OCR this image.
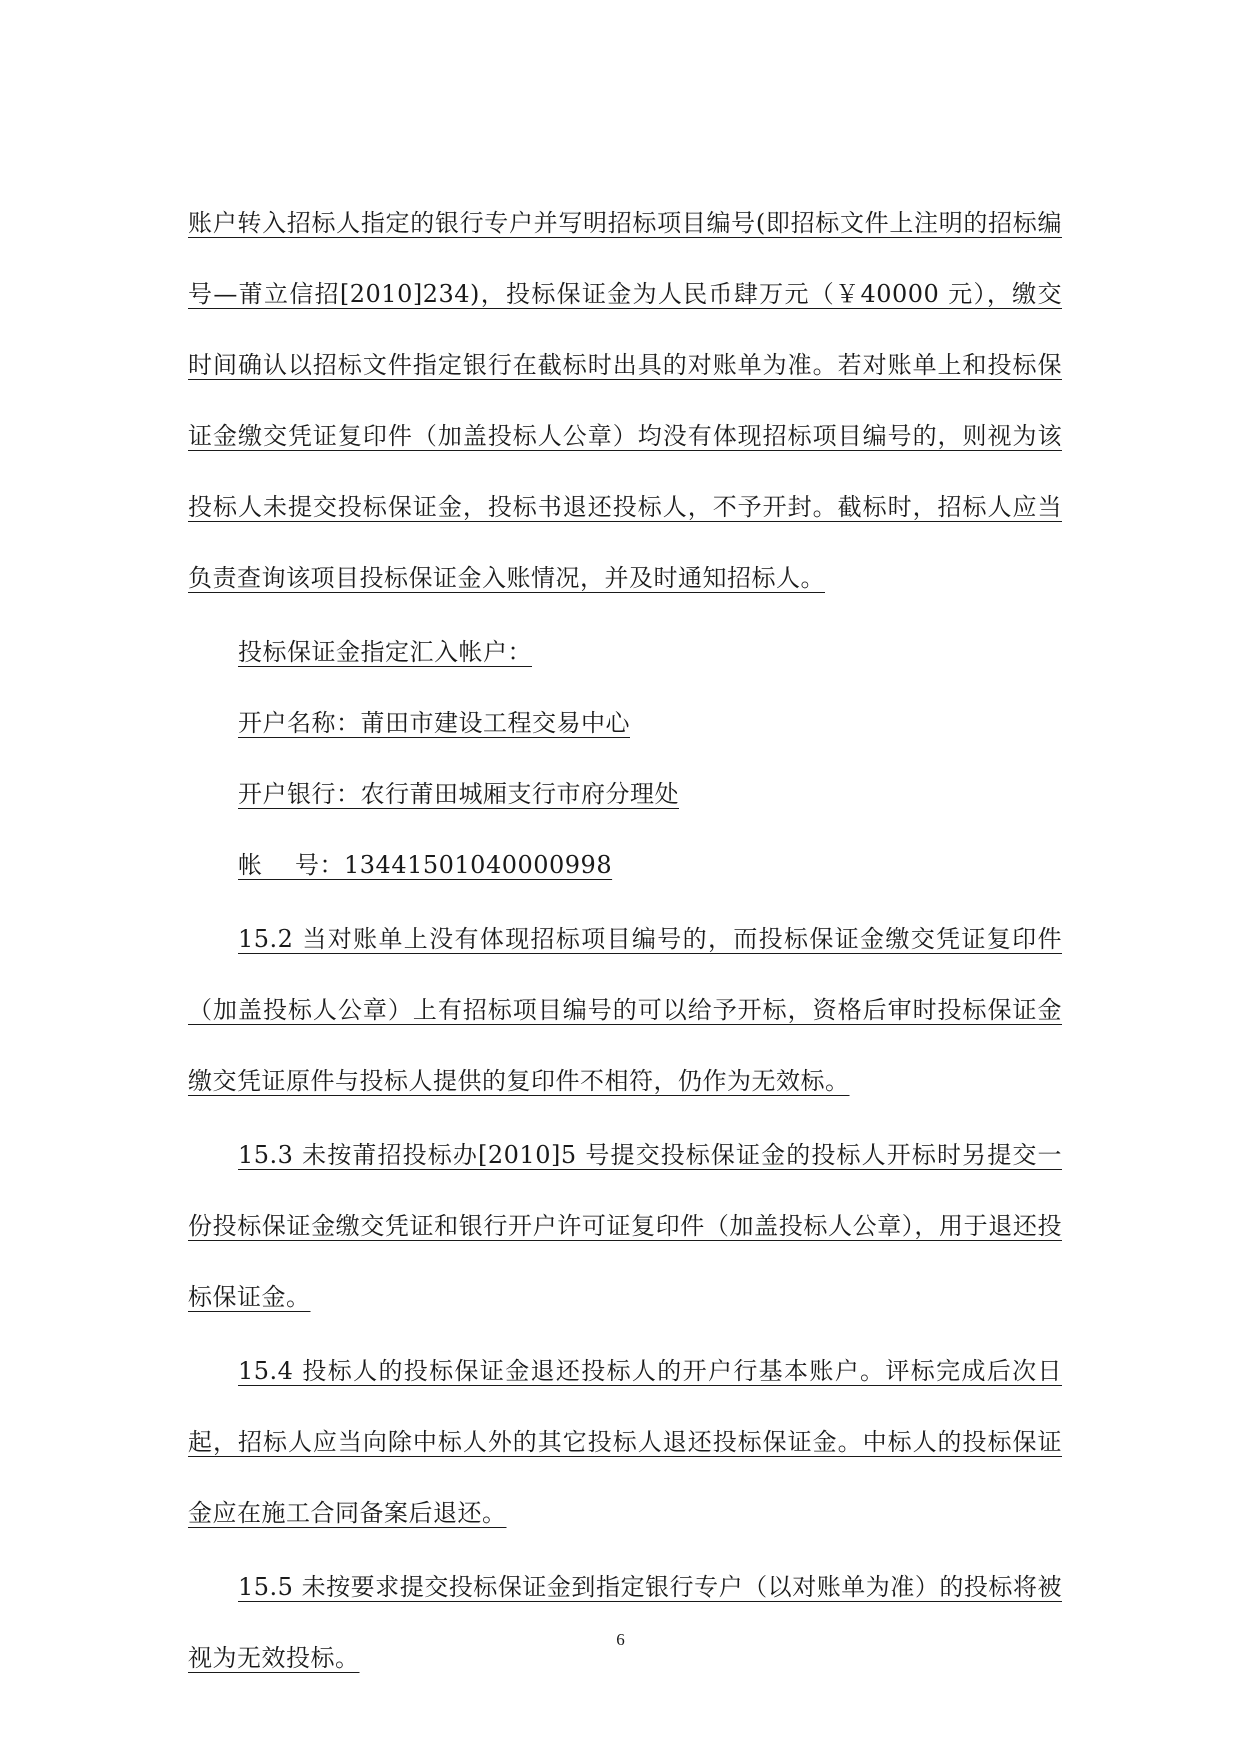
账户转入招标人指定的银行专户并写明招标项目编号(即招标文件上注明的招标编号—莆立信招[2010]234)，投标保证金为人民币肆万元（￥40000 元），缴交时间确认以招标文件指定银行在截标时出具的对账单为准。若对账单上和投标保证金缴交凭证复印件（加盖投标人公章）均没有体现招标项目编号的，则视为该投标人未提交投标保证金，投标书退还投标人，不予开封。截标时，招标人应当负责查询该项目投标保证金入账情况，并及时通知招标人。

投标保证金指定汇入帐户：

开户名称：莆田市建设工程交易中心

开户银行：农行莆田城厢支行市府分理处

帐    号：13441501040000998

15.2 当对账单上没有体现招标项目编号的，而投标保证金缴交凭证复印件（加盖投标人公章）上有招标项目编号的可以给予开标，资格后审时投标保证金缴交凭证原件与投标人提供的复印件不相符，仍作为无效标。

15.3 未按莆招投标办[2010]5 号提交投标保证金的投标人开标时另提交一份投标保证金缴交凭证和银行开户许可证复印件（加盖投标人公章），用于退还投标保证金。

15.4 投标人的投标保证金退还投标人的开户行基本账户。评标完成后次日起，招标人应当向除中标人外的其它投标人退还投标保证金。中标人的投标保证金应在施工合同备案后退还。

15.5 未按要求提交投标保证金到指定银行专户（以对账单为准）的投标将被视为无效投标。

6
